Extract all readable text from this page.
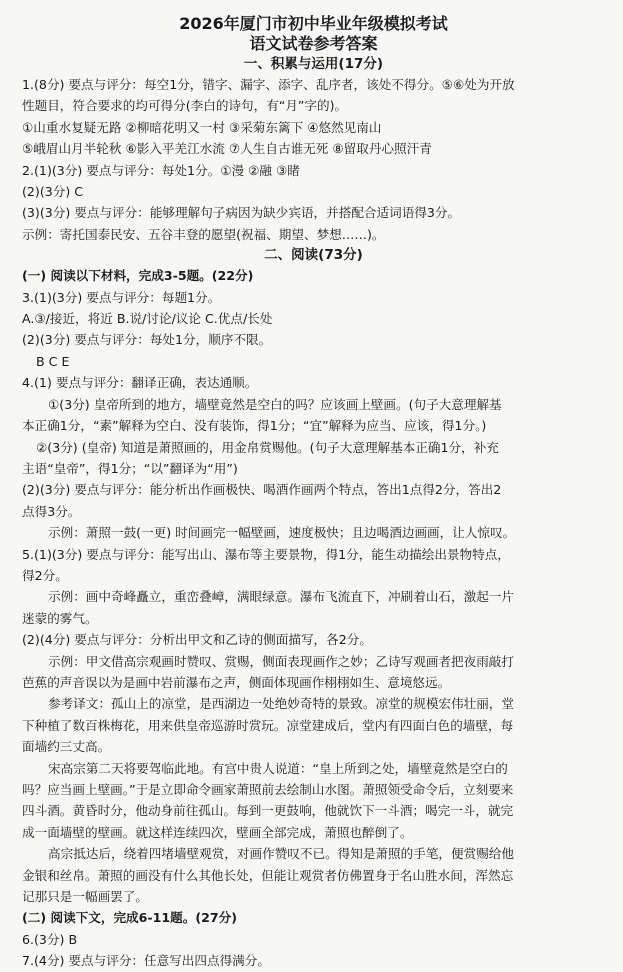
2026年厦门市初中毕业年级模拟考试
语文试卷参考答案
一、积累与运用(17分)
1.(8分) 要点与评分：每空1分，错字、漏字、添字、乱序者，该处不得分。⑤⑥处为开放
性题目，符合要求的均可得分(李白的诗句，有“月”字的)。
①山重水复疑无路 ②柳暗花明又一村 ③采菊东篱下 ④悠然见南山
⑤峨眉山月半轮秋 ⑥影入平羌江水流 ⑦人生自古谁无死 ⑧留取丹心照汗青
2.(1)(3分) 要点与评分：每处1分。①漫 ②融 ③睹
(2)(3分) C
(3)(3分) 要点与评分：能够理解句子病因为缺少宾语，并搭配合适词语得3分。
示例：寄托国泰民安、五谷丰登的愿望(祝福、期望、梦想……)。
二、阅读(73分)
(一) 阅读以下材料，完成3-5题。(22分)
3.(1)(3分) 要点与评分：每题1分。
A.③/接近，将近 B.说/讨论/议论 C.优点/长处
(2)(3分) 要点与评分：每处1分，顺序不限。
B C E
4.(1) 要点与评分：翻译正确，表达通顺。
①(3分) 皇帝所到的地方，墙壁竟然是空白的吗？应该画上壁画。(句子大意理解基
本正确1分，“素”解释为空白、没有装饰，得1分；“宜”解释为应当、应该，得1分。)
②(3分) (皇帝) 知道是萧照画的，用金帛赏赐他。(句子大意理解基本正确1分，补充
主语“皇帝”，得1分；“以”翻译为“用”)
(2)(3分) 要点与评分：能分析出作画极快、喝酒作画两个特点，答出1点得2分，答出2
点得3分。
示例：萧照一鼓(一更) 时间画完一幅壁画，速度极快；且边喝酒边画画，让人惊叹。
5.(1)(3分) 要点与评分：能写出山、瀑布等主要景物，得1分，能生动描绘出景物特点，
得2分。
示例：画中奇峰矗立，重峦叠嶂，满眼绿意。瀑布飞流直下，冲刷着山石，激起一片
迷蒙的雾气。
(2)(4分) 要点与评分：分析出甲文和乙诗的侧面描写，各2分。
示例：甲文借高宗观画时赞叹、赏赐，侧面表现画作之妙；乙诗写观画者把夜雨敲打
芭蕉的声音误以为是画中岩前瀑布之声，侧面体现画作栩栩如生、意境悠远。
参考译文：孤山上的凉堂，是西湖边一处绝妙奇特的景致。凉堂的规模宏伟壮丽，堂
下种植了数百株梅花，用来供皇帝巡游时赏玩。凉堂建成后，堂内有四面白色的墙壁，每
面墙约三丈高。
宋高宗第二天将要驾临此地。有宫中贵人说道：“皇上所到之处，墙壁竟然是空白的
吗？应当画上壁画。”于是立即命令画家萧照前去绘制山水图。萧照领受命令后，立刻要来
四斗酒。黄昏时分，他动身前往孤山。每到一更鼓响，他就饮下一斗酒；喝完一斗，就完
成一面墙壁的壁画。就这样连续四次，壁画全部完成，萧照也醉倒了。
高宗抵达后，绕着四堵墙壁观赏，对画作赞叹不已。得知是萧照的手笔，便赏赐给他
金银和丝帛。萧照的画没有什么其他长处，但能让观赏者仿佛置身于名山胜水间，浑然忘
记那只是一幅画罢了。
(二) 阅读下文，完成6-11题。(27分)
6.(3分) B
7.(4分) 要点与评分：任意写出四点得满分。
